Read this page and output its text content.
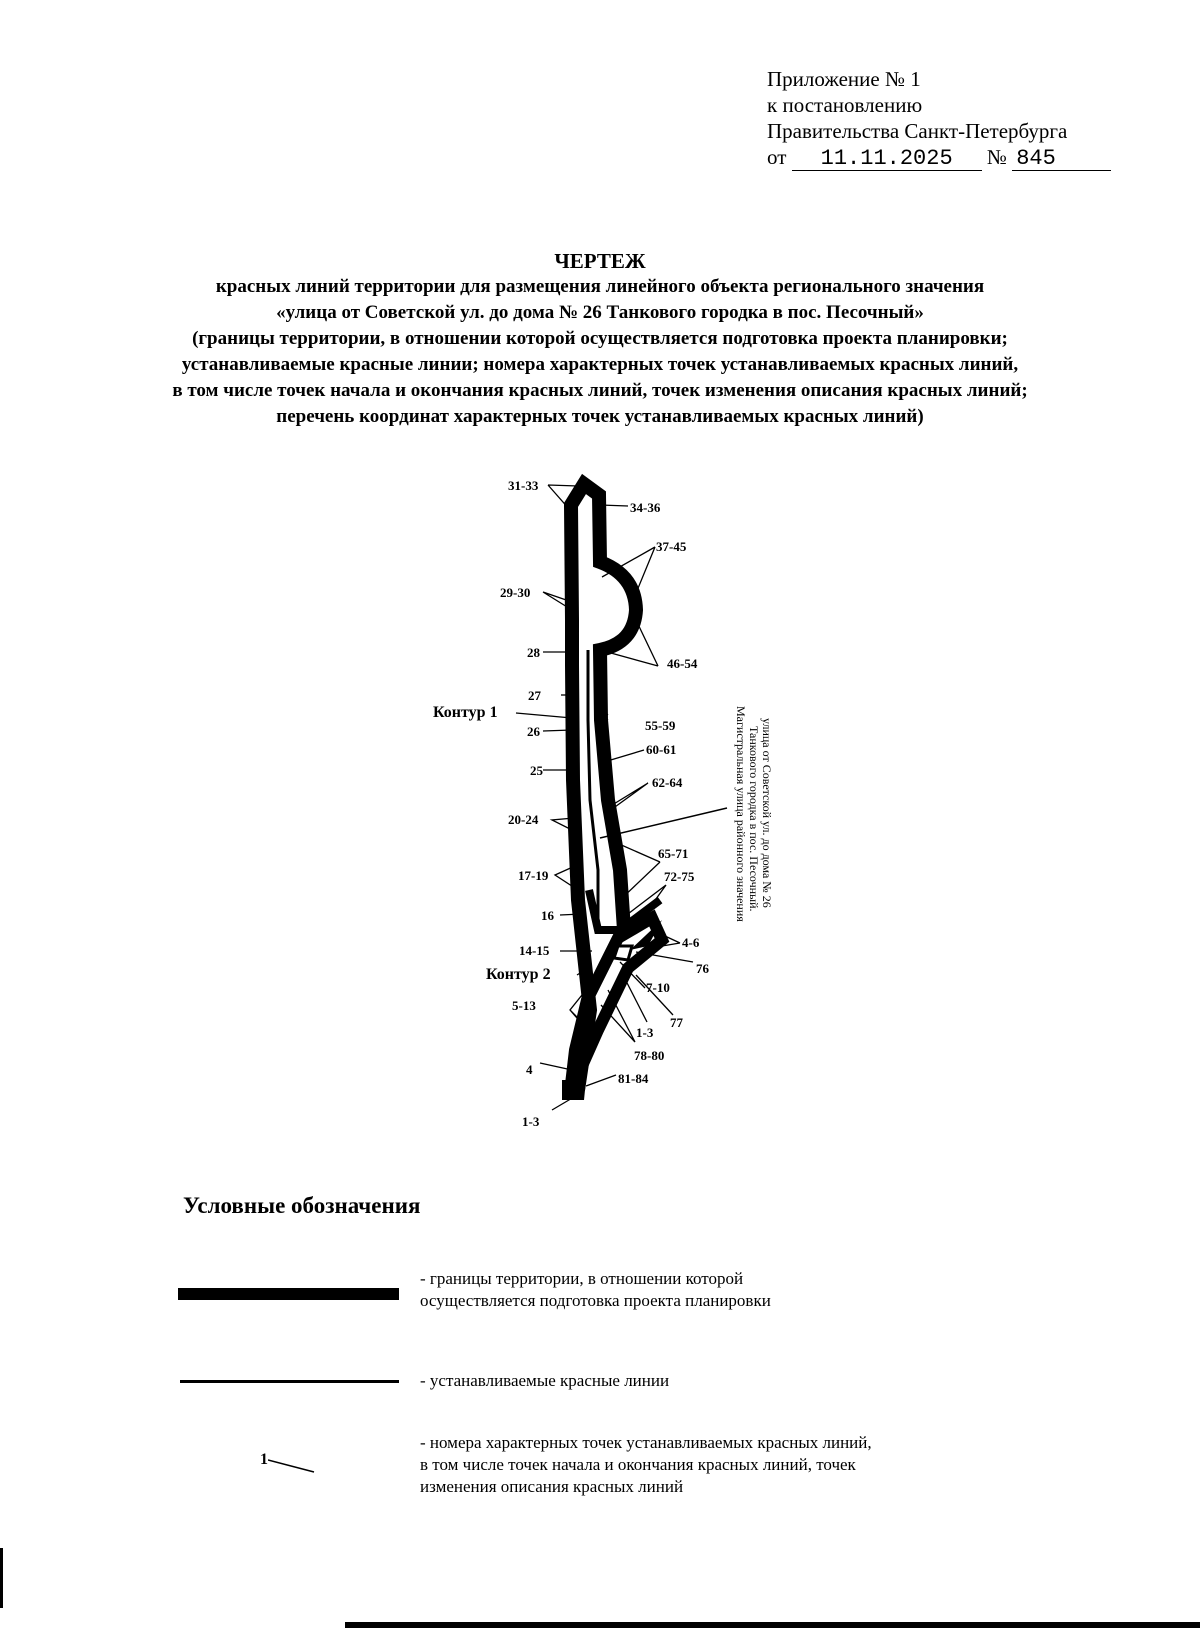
Приложение № 1
к постановлению
Правительства Санкт-Петербурга
от 11.11.2025 № 845
ЧЕРТЕЖ
красных линий территории для размещения линейного объекта регионального значения
«улица от Советской ул. до дома № 26 Танкового городка в пос. Песочный»
(границы территории, в отношении которой осуществляется подготовка проекта планировки;
устанавливаемые красные линии; номера характерных точек устанавливаемых красных линий,
в том числе точек начала и окончания красных линий, точек изменения описания красных линий;
перечень координат характерных точек устанавливаемых красных линий)
31-33
34-36
37-45
29-30
28
46-54
27
Контур 1
55-59
26
60-61
25
62-64
20-24
65-71
17-19	72-75
16
4-6
14-15
76
Контур 2
7-10
5-13
77
1-3
78-80
4
81-84
1-3
улица от Советской ул. до дома № 26
Танкового городка в пос. Песочный.
Магистральная улица районного значения
Условные обозначения
- границы территории, в отношении которой
осуществляется подготовка проекта планировки
- устанавливаемые красные линии
1
- номера характерных точек устанавливаемых красных линий,
в том числе точек начала и окончания красных линий, точек
изменения описания красных линий
